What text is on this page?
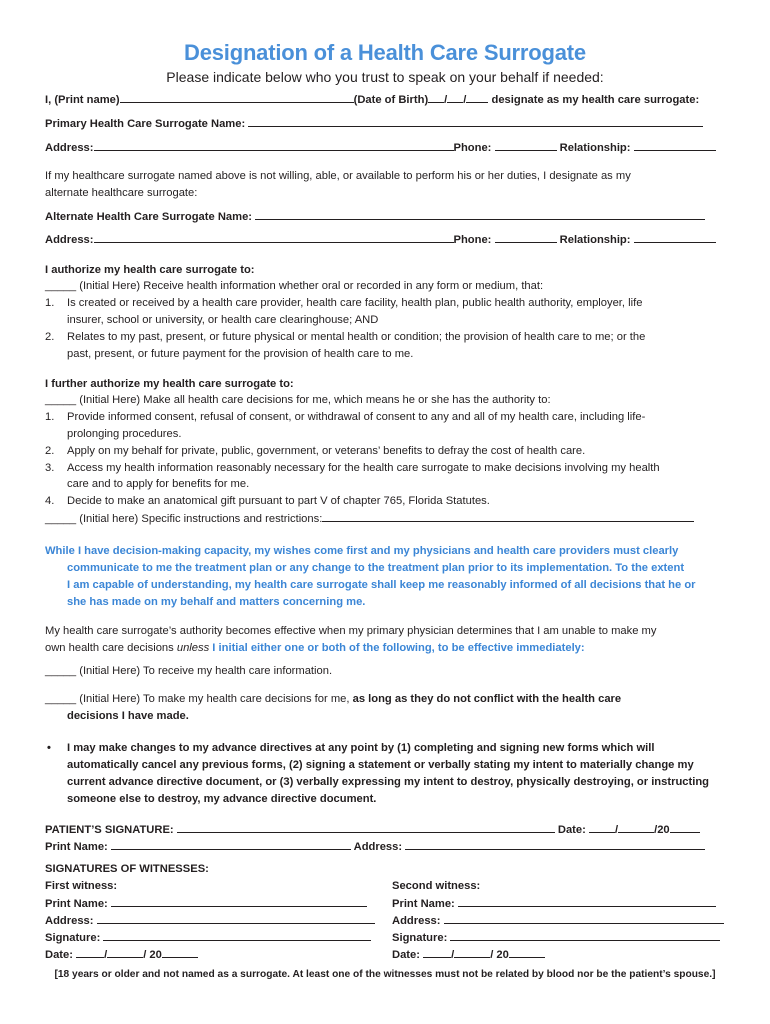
Designation of a Health Care Surrogate
Please indicate below who you trust to speak on your behalf if needed:
I, (Print name)	(Date of Birth) / / designate as my health care surrogate:
Primary Health Care Surrogate Name:
Address:	Phone:	Relationship:
If my healthcare surrogate named above is not willing, able, or available to perform his or her duties, I designate as my
alternate healthcare surrogate:
Alternate Health Care Surrogate Name:
Address:	Phone:	Relationship:
I authorize my health care surrogate to:
_____ (Initial Here) Receive health information whether oral or recorded in any form or medium, that:
1. Is created or received by a health care provider, health care facility, health plan, public health authority, employer, life
insurer, school or university, or health care clearinghouse; AND
2. Relates to my past, present, or future physical or mental health or condition; the provision of health care to me; or the
past, present, or future payment for the provision of health care to me.
I further authorize my health care surrogate to:
_____ (Initial Here) Make all health care decisions for me, which means he or she has the authority to:
1. Provide informed consent, refusal of consent, or withdrawal of consent to any and all of my health care, including life-
prolonging procedures.
2. Apply on my behalf for private, public, government, or veterans’ benefits to defray the cost of health care.
3. Access my health information reasonably necessary for the health care surrogate to make decisions involving my health
care and to apply for benefits for me.
4. Decide to make an anatomical gift pursuant to part V of chapter 765, Florida Statutes.
_____ (Initial here) Specific instructions and restrictions:
While I have decision-making capacity, my wishes come first and my physicians and health care providers must clearly
communicate to me the treatment plan or any change to the treatment plan prior to its implementation. To the extent
I am capable of understanding, my health care surrogate shall keep me reasonably informed of all decisions that he or
she has made on my behalf and matters concerning me.
My health care surrogate’s authority becomes effective when my primary physician determines that I am unable to make my
own health care decisions unless I initial either one or both of the following, to be effective immediately:
_____ (Initial Here) To receive my health care information.
_____ (Initial Here) To make my health care decisions for me, as long as they do not conflict with the health care
decisions I have made.
• I may make changes to my advance directives at any point by (1) completing and signing new forms which will
automatically cancel any previous forms, (2) signing a statement or verbally stating my intent to materially change my
current advance directive document, or (3) verbally expressing my intent to destroy, physically destroying, or instructing
someone else to destroy, my advance directive document.
PATIENT’S SIGNATURE:	Date:	/	/20
Print Name:	Address:
SIGNATURES OF WITNESSES:
First witness:	Second witness:
Print Name:	Print Name:
Address:	Address:
Signature:	Signature:
Date:	/	/ 20	Date:	/	/ 20
[18 years or older and not named as a surrogate. At least one of the witnesses must not be related by blood nor be the patient’s spouse.]
